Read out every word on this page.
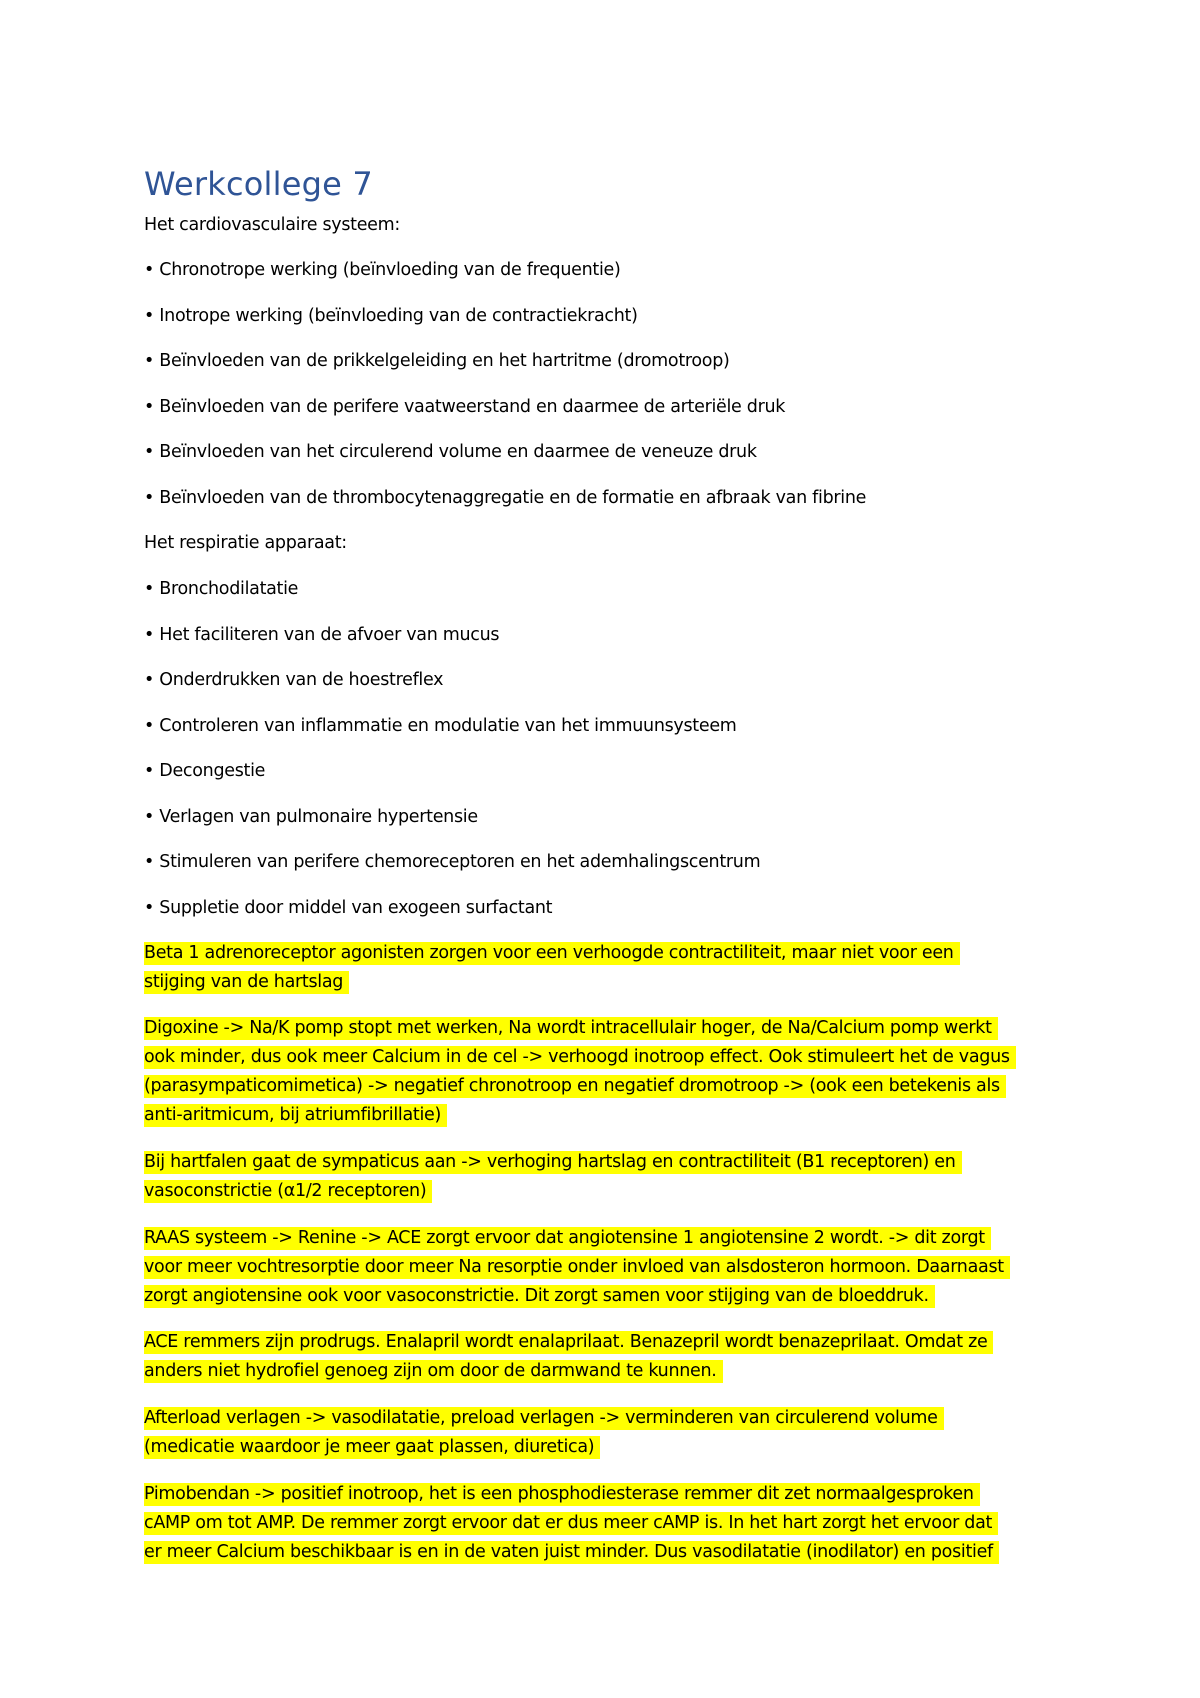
Werkcollege 7
Het cardiovasculaire systeem:
• Chronotrope werking (beïnvloeding van de frequentie)
• Inotrope werking (beïnvloeding van de contractiekracht)
• Beïnvloeden van de prikkelgeleiding en het hartritme (dromotroop)
• Beïnvloeden van de perifere vaatweerstand en daarmee de arteriële druk
• Beïnvloeden van het circulerend volume en daarmee de veneuze druk
• Beïnvloeden van de thrombocytenaggregatie en de formatie en afbraak van fibrine
Het respiratie apparaat:
• Bronchodilatatie
• Het faciliteren van de afvoer van mucus
• Onderdrukken van de hoestreflex
• Controleren van inflammatie en modulatie van het immuunsysteem
• Decongestie
• Verlagen van pulmonaire hypertensie
• Stimuleren van perifere chemoreceptoren en het ademhalingscentrum
• Suppletie door middel van exogeen surfactant
Beta 1 adrenoreceptor agonisten zorgen voor een verhoogde contractiliteit, maar niet voor een
stijging van de hartslag
Digoxine -> Na/K pomp stopt met werken, Na wordt intracellulair hoger, de Na/Calcium pomp werkt
ook minder, dus ook meer Calcium in de cel -> verhoogd inotroop effect. Ook stimuleert het de vagus
(parasympaticomimetica) -> negatief chronotroop en negatief dromotroop -> (ook een betekenis als
anti-aritmicum, bij atriumfibrillatie)
Bij hartfalen gaat de sympaticus aan -> verhoging hartslag en contractiliteit (B1 receptoren) en
vasoconstrictie (α1/2 receptoren)
RAAS systeem -> Renine -> ACE zorgt ervoor dat angiotensine 1 angiotensine 2 wordt. -> dit zorgt
voor meer vochtresorptie door meer Na resorptie onder invloed van alsdosteron hormoon. Daarnaast
zorgt angiotensine ook voor vasoconstrictie. Dit zorgt samen voor stijging van de bloeddruk.
ACE remmers zijn prodrugs. Enalapril wordt enalaprilaat. Benazepril wordt benazeprilaat. Omdat ze
anders niet hydrofiel genoeg zijn om door de darmwand te kunnen.
Afterload verlagen -> vasodilatatie, preload verlagen -> verminderen van circulerend volume
(medicatie waardoor je meer gaat plassen, diuretica)
Pimobendan -> positief inotroop, het is een phosphodiesterase remmer dit zet normaalgesproken
cAMP om tot AMP. De remmer zorgt ervoor dat er dus meer cAMP is. In het hart zorgt het ervoor dat
er meer Calcium beschikbaar is en in de vaten juist minder. Dus vasodilatatie (inodilator) en positief
